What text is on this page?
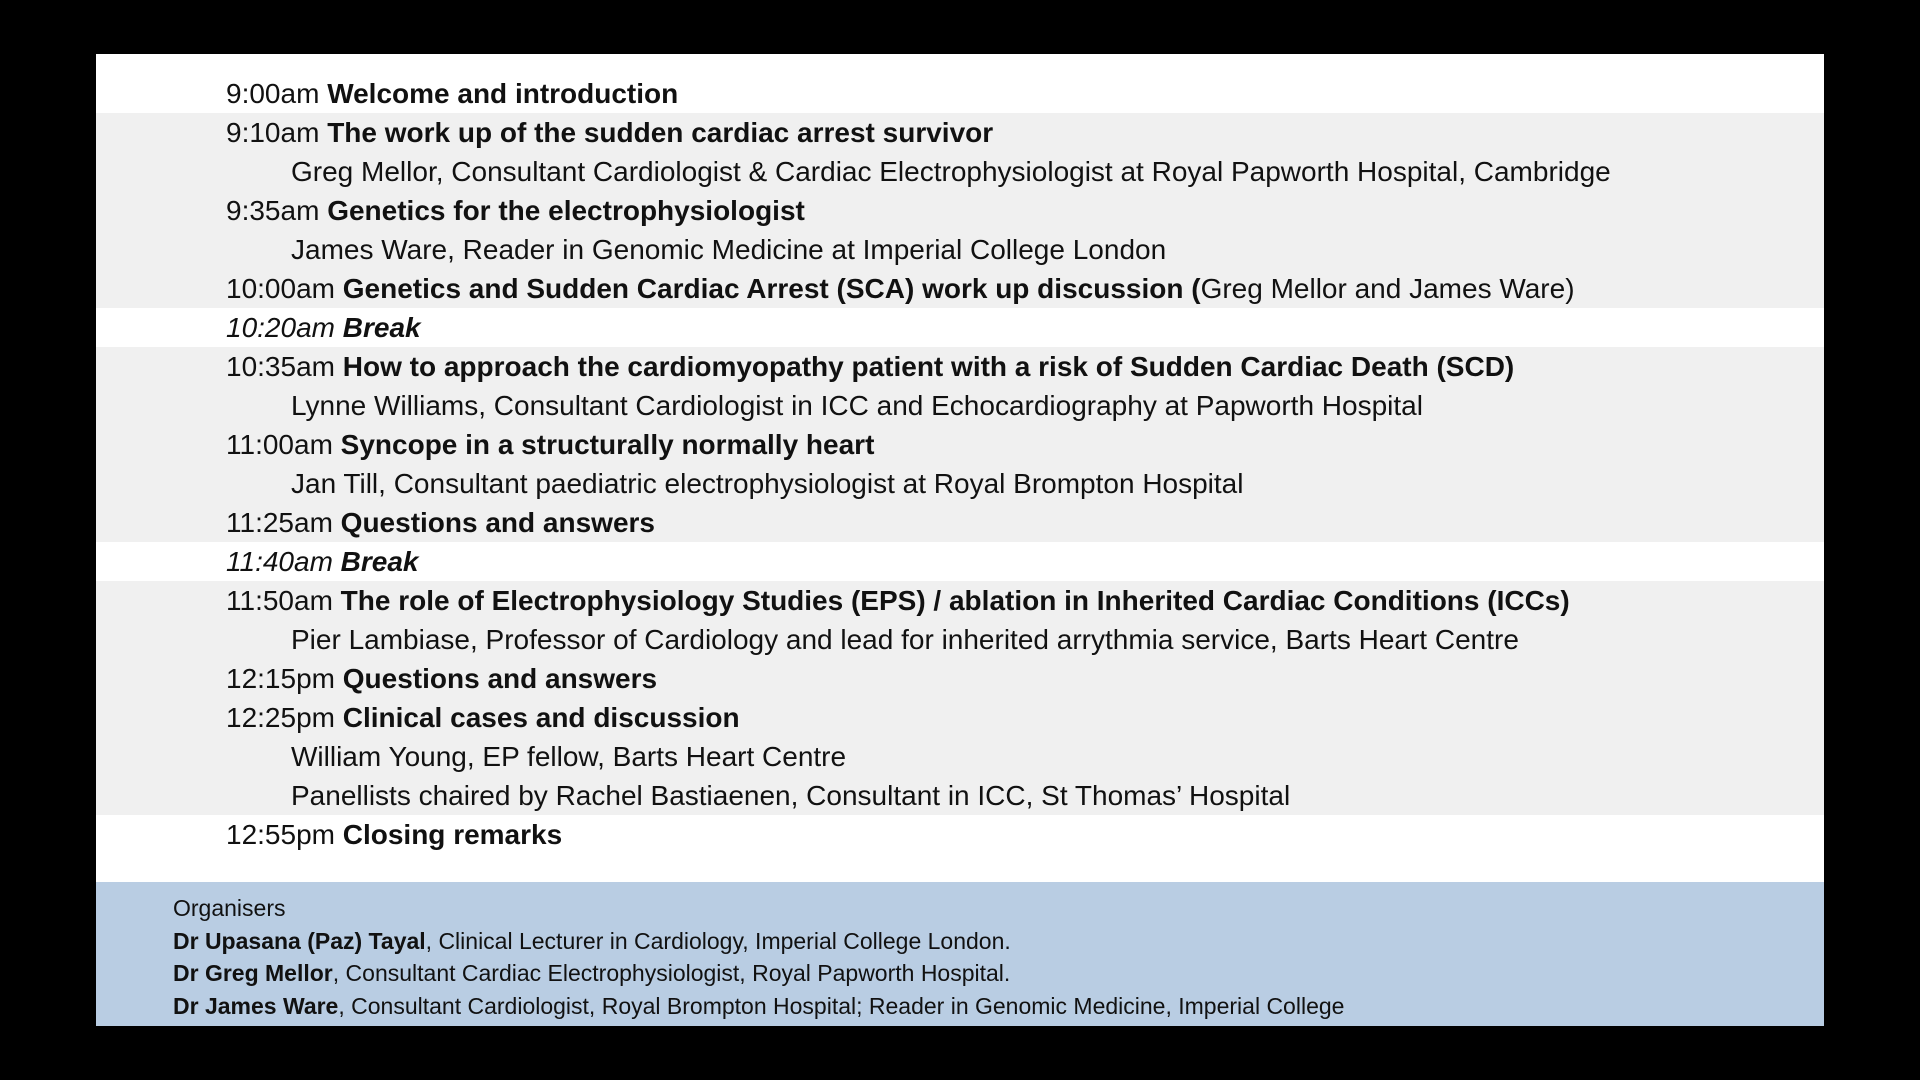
9:00am Welcome and introduction
9:10am The work up of the sudden cardiac arrest survivor
Greg Mellor, Consultant Cardiologist & Cardiac Electrophysiologist at Royal Papworth Hospital, Cambridge
9:35am Genetics for the electrophysiologist
James Ware, Reader in Genomic Medicine at Imperial College London
10:00am Genetics and Sudden Cardiac Arrest (SCA) work up discussion (Greg Mellor and James Ware)
10:20am Break
10:35am How to approach the cardiomyopathy patient with a risk of Sudden Cardiac Death (SCD)
Lynne Williams, Consultant Cardiologist in ICC and Echocardiography at Papworth Hospital
11:00am Syncope in a structurally normally heart
Jan Till, Consultant paediatric electrophysiologist at Royal Brompton Hospital
11:25am Questions and answers
11:40am Break
11:50am The role of Electrophysiology Studies (EPS) / ablation in Inherited Cardiac Conditions (ICCs)
Pier Lambiase, Professor of Cardiology and lead for inherited arrythmia service, Barts Heart Centre
12:15pm Questions and answers
12:25pm Clinical cases and discussion
William Young, EP fellow, Barts Heart Centre
Panellists chaired by Rachel Bastiaenen, Consultant in ICC, St Thomas’ Hospital
12:55pm Closing remarks
Organisers
Dr Upasana (Paz) Tayal, Clinical Lecturer in Cardiology, Imperial College London.
Dr Greg Mellor, Consultant Cardiac Electrophysiologist, Royal Papworth Hospital.
Dr James Ware, Consultant Cardiologist, Royal Brompton Hospital; Reader in Genomic Medicine, Imperial College
